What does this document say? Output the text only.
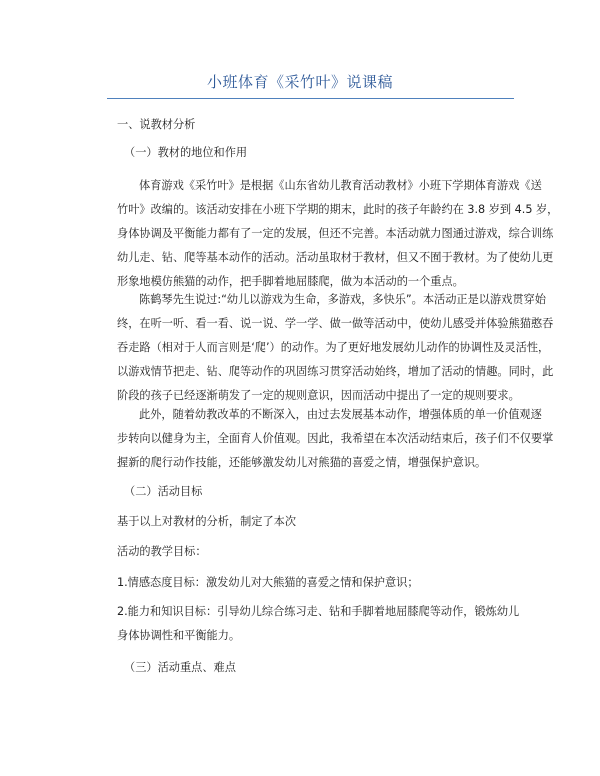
小班体育《采竹叶》说课稿
一、说教材分析
（一）教材的地位和作用
体育游戏《采竹叶》是根据《山东省幼儿教育活动教材》小班下学期体育游戏《送
竹叶》改编的。该活动安排在小班下学期的期末，此时的孩子年龄约在 3.8 岁到 4.5 岁，
身体协调及平衡能力都有了一定的发展，但还不完善。本活动就力图通过游戏，综合训练
幼儿走、钻、爬等基本动作的活动。活动虽取材于教材，但又不囿于教材。为了使幼儿更
形象地模仿熊猫的动作，把手脚着地屈膝爬，做为本活动的一个重点。
陈鹤琴先生说过:“幼儿以游戏为生命，多游戏，多快乐”。本活动正是以游戏贯穿始
终，在听一听、看一看、说一说、学一学、做一做等活动中，使幼儿感受并体验熊猫憨吞
吞走路（相对于人而言则是‘爬’）的动作。为了更好地发展幼儿动作的协调性及灵活性，
以游戏情节把走、钻、爬等动作的巩固练习贯穿活动始终，增加了活动的情趣。同时，此
阶段的孩子已经逐渐萌发了一定的规则意识，因而活动中提出了一定的规则要求。
此外，随着幼教改革的不断深入，由过去发展基本动作，增强体质的单一价值观逐
步转向以健身为主，全面育人价值观。因此，我希望在本次活动结束后，孩子们不仅要掌
握新的爬行动作技能，还能够激发幼儿对熊猫的喜爱之情，增强保护意识。
（二）活动目标
基于以上对教材的分析，制定了本次
活动的教学目标：
1.情感态度目标：激发幼儿对大熊猫的喜爱之情和保护意识；
2.能力和知识目标：引导幼儿综合练习走、钻和手脚着地屈膝爬等动作，锻炼幼儿
身体协调性和平衡能力。
（三）活动重点、难点
